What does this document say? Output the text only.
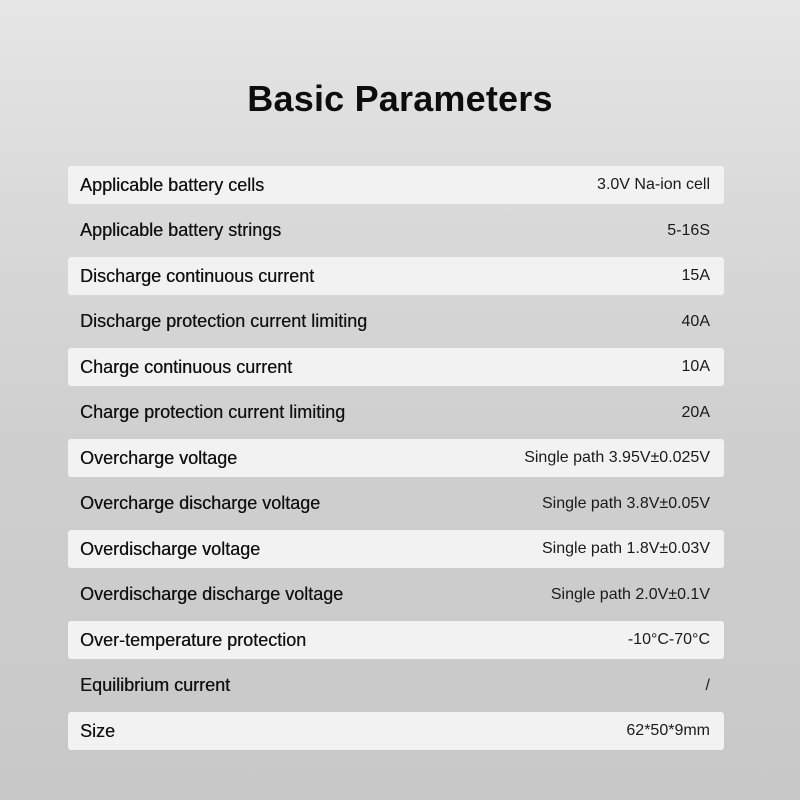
Basic Parameters
Applicable battery cells	3.0V Na-ion cell
Applicable battery strings	5-16S
Discharge continuous current	15A
Discharge protection current limiting	40A
Charge continuous current	10A
Charge protection current limiting	20A
Overcharge voltage	Single path 3.95V±0.025V
Overcharge discharge voltage	Single path 3.8V±0.05V
Overdischarge voltage	Single path 1.8V±0.03V
Overdischarge discharge voltage	Single path 2.0V±0.1V
Over-temperature protection	-10°C-70°C
Equilibrium current	/
Size	62*50*9mm
